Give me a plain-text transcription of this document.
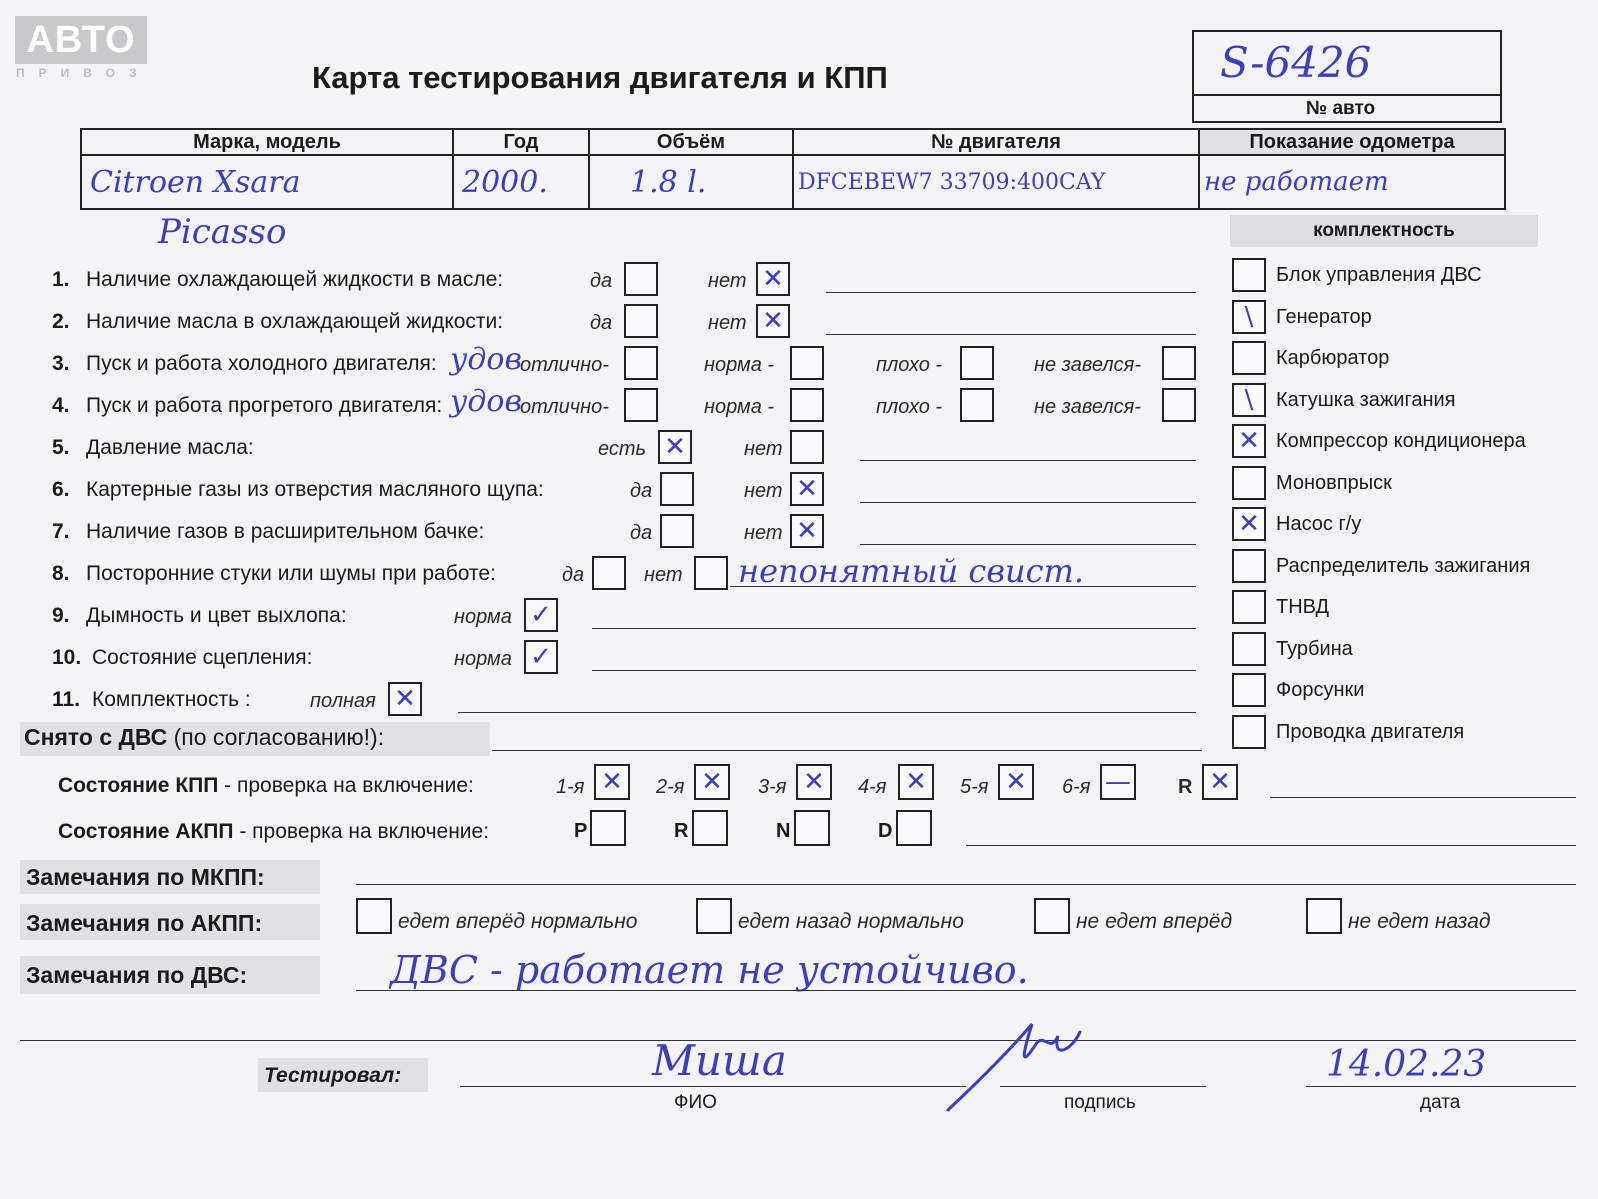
АВТО
ПРИВОЗ	Карта тестирования двигателя и КПП	S-6426
№ авто
Марка, модель	Год	Объём	№ двигателя	Показание одометра
Citroen Xsara	2000.	1.8 l.	DFCEBEW7 33709:400CAY	не работает
Picasso	комплектность
1. Наличие охлаждающей жидкости в масле:	да	нет ✕
2. Наличие масла в охлаждающей жидкости:	да	нет ✕
3. Пуск и работа холодного двигателя: удов
отлично-	норма -	плохо -	не завелся-
4. Пуск и работа прогретого двигателя: удов
отлично-	норма -	плохо -	не завелся-
5. Давление масла:	есть ✕	нет
6. Картерные газы из отверстия масляного щупа:	да	нет ✕
7. Наличие газов в расширительном бачке:	да	нет ✕
8. Посторонние стуки или шумы при работе:	да	нет непонятный свист.
9. Дымность и цвет выхлопа:	норма ✓
10. Состояние сцепления:	норма ✓
11. Комплектность :	полная ✕
Блок управления ДВС
\	Генератор
Карбюратор
\	Катушка зажигания
✕ Компрессор кондиционера
Моновпрыск
✕ Насос г/у
Распределитель зажигания
ТНВД
Турбина
Форсунки
Проводка двигателя
Снято с ДВС (по согласованию!):
Состояние КПП - проверка на включение:	1-я ✕ 2-я ✕ 3-я ✕ 4-я ✕ 5-я ✕ 6-я — R ✕
Состояние АКПП - проверка на включение:	P	R	N	D
Замечания по МКПП:
Замечания по АКПП:	едет вперёд нормально	едет назад нормально	не едет вперёд	не едет назад
Замечания по ДВС:	ДВС - работает не устойчиво.
Тестировал:	Миша
ФИО	подпись
14.02.23
дата
